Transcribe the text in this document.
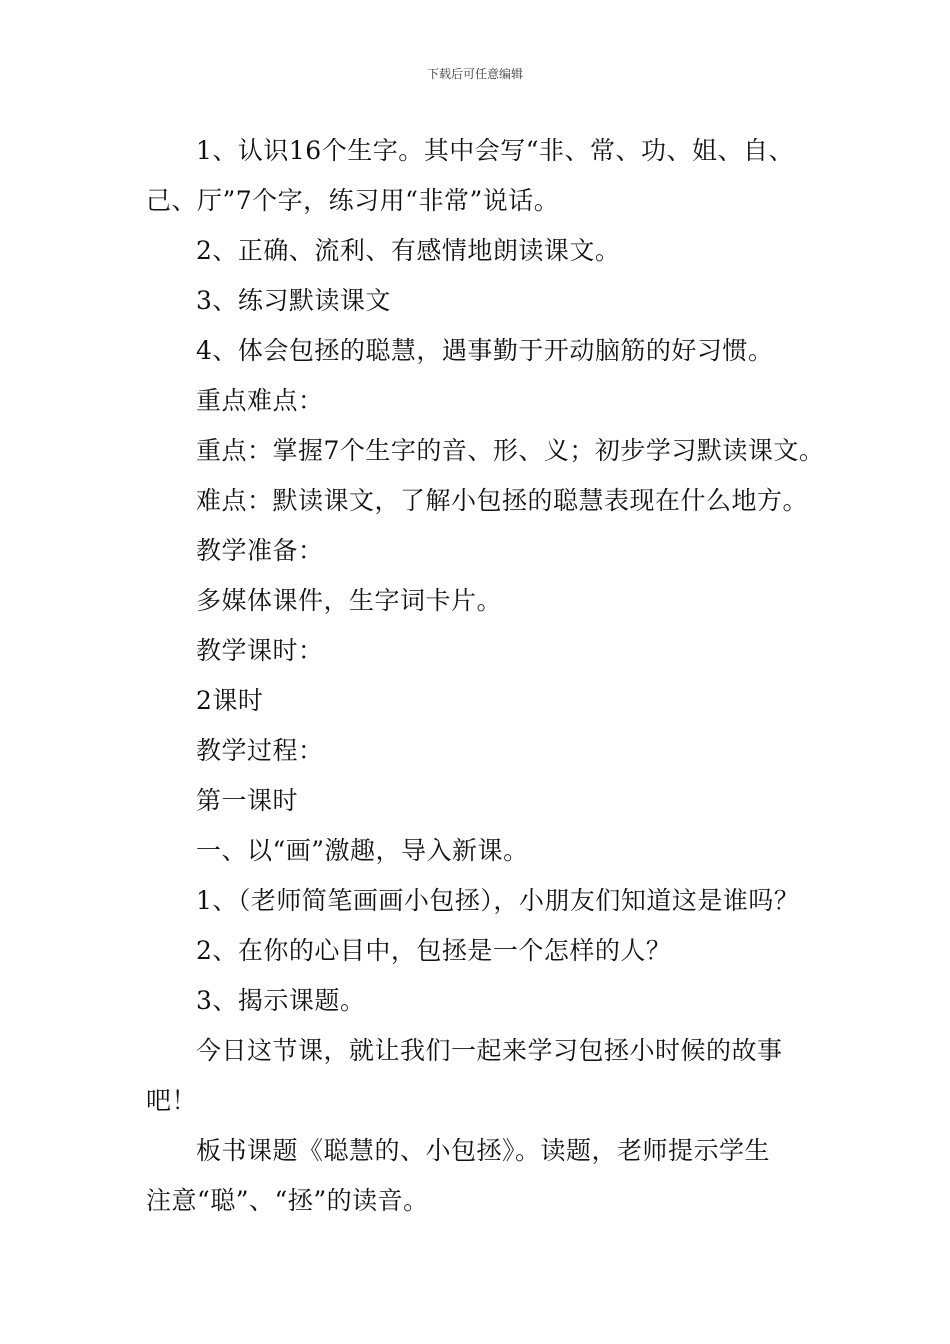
下载后可任意编辑
1、认识16个生字。其中会写“非、常、功、姐、自、
己、厅”7个字，练习用“非常”说话。
2、正确、流利、有感情地朗读课文。
3、练习默读课文
4、体会包拯的聪慧，遇事勤于开动脑筋的好习惯。
重点难点：
重点：掌握7个生字的音、形、义；初步学习默读课文。
难点：默读课文，了解小包拯的聪慧表现在什么地方。
教学准备：
多媒体课件，生字词卡片。
教学课时：
2课时
教学过程：
第一课时
一、以“画”激趣，导入新课。
1、（老师简笔画画小包拯），小朋友们知道这是谁吗？
2、在你的心目中，包拯是一个怎样的人？
3、揭示课题。
今日这节课，就让我们一起来学习包拯小时候的故事
吧！
板书课题《聪慧的、小包拯》。读题，老师提示学生
注意“聪”、“拯”的读音。
